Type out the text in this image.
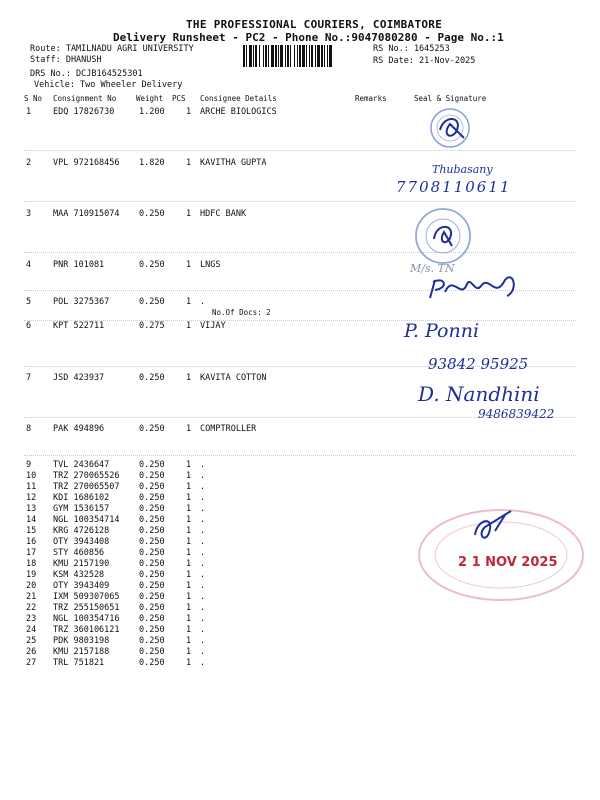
THE PROFESSIONAL COURIERS, COIMBATORE
Delivery Runsheet - PC2 - Phone No.:9047080280 - Page No.:1
Route: TAMILNADU AGRI UNIVERSITY
Staff: DHANUSH
DRS No.: DCJB164525301
Vehicle: Two Wheeler Delivery
RS No.: 1645253
RS Date: 21-Nov-2025
S No Consignment No	Weight PCS Consignee Details	Remarks	Seal & Signature
1	EDQ 17826730	1.200	1 ARCHE BIOLOGICS
2	VPL 972168456 1.820	1 KAVITHA GUPTA
3	MAA 710915074 0.250	1 HDFC BANK
4	PNR 101081	0.250	1 LNGS
5	POL 3275367	0.250	1 .
No.Of Docs: 2
6	KPT 522711	0.275	1 VIJAY
7	JSD 423937	0.250	1 KAVITA COTTON
8	PAK 494896	0.250	1 COMPTROLLER
9	TVL 2436647	0.250	1 .
10 TRZ 270065526 0.250	1 .
11 TRZ 270065507 0.250	1 .
12 KDI 1686102	0.250	1 .
13 GYM 1536157	0.250	1 .
14 NGL 100354714 0.250	1 .
15 KRG 4726128	0.250	1 .
16 OTY 3943408	0.250	1 .
17 STY 460856	0.250	1 .
18 KMU 2157190	0.250	1 .
19 KSM 432528	0.250	1 .
20 OTY 3943409	0.250	1 .
21 IXM 509307065 0.250	1 .
22 TRZ 255150651 0.250	1 .
23 NGL 100354716 0.250	1 .
24 TRZ 360106121 0.250	1 .
25 PDK 9803198	0.250	1 .
26 KMU 2157188	0.250	1 .
27 TRL 751821	0.250	1 .
Thubasany
7708110611
M/s. TN
P. Ponni
93842 95925
D. Nandhini
9486839422
2 1 NOV 2025
